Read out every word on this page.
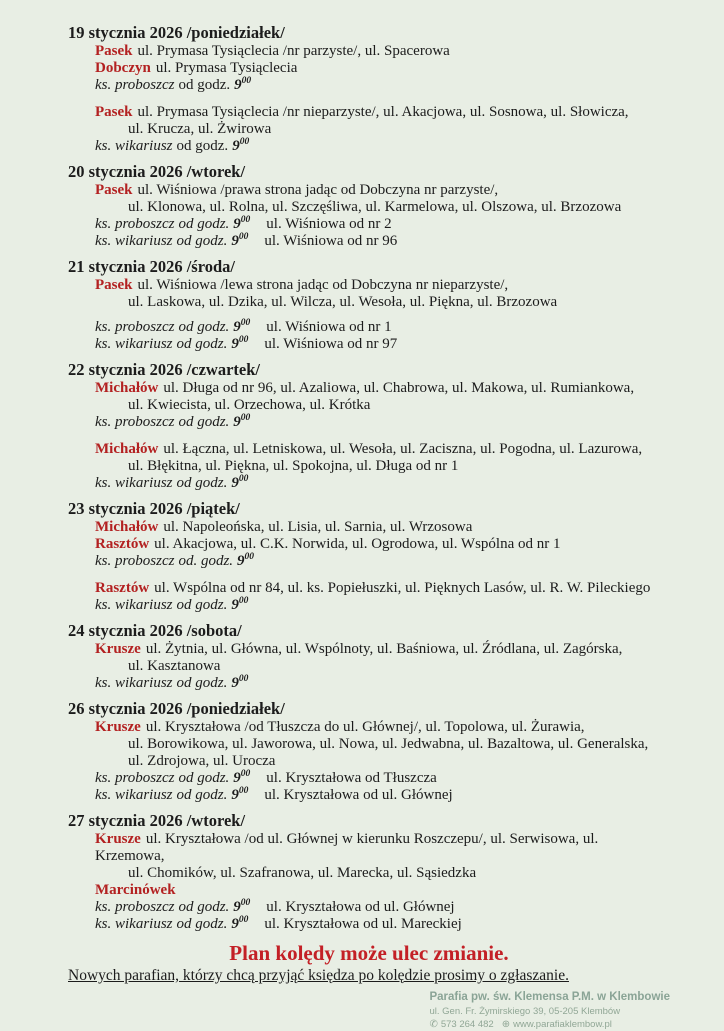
19 stycznia 2026 /poniedziałek/
Pasek ul. Prymasa Tysiąclecia /nr parzyste/, ul. Spacerowa
Dobczyn ul. Prymasa Tysiąclecia
ks. proboszcz od godz. $9^{00}$
Pasek ul. Prymasa Tysiąclecia /nr nieparzyste/, ul. Akacjowa, ul. Sosnowa, ul. Słowicza,
ul. Krucza, ul. Żwirowa
ks. wikariusz od godz. $9^{00}$
20 stycznia 2026 /wtorek/
Pasek ul. Wiśniowa /prawa strona jadąc od Dobczyna nr parzyste/,
ul. Klonowa, ul. Rolna, ul. Szczęśliwa, ul. Karmelowa, ul. Olszowa, ul. Brzozowa
ks. proboszcz od godz. $9^{00}$ ul. Wiśniowa od nr 2
ks. wikariusz od godz. $9^{00}$ ul. Wiśniowa od nr 96
21 stycznia 2026 /środa/
Pasek ul. Wiśniowa /lewa strona jadąc od Dobczyna nr nieparzyste/,
ul. Laskowa, ul. Dzika, ul. Wilcza, ul. Wesoła, ul. Piękna, ul. Brzozowa
ks. proboszcz od godz. $9^{00}$ ul. Wiśniowa od nr 1
ks. wikariusz od godz. $9^{00}$ ul. Wiśniowa od nr 97
22 stycznia 2026 /czwartek/
Michałów ul. Długa od nr 96, ul. Azaliowa, ul. Chabrowa, ul. Makowa, ul. Rumiankowa,
ul. Kwiecista, ul. Orzechowa, ul. Krótka
ks. proboszcz od godz. $9^{00}$
Michałów ul. Łączna, ul. Letniskowa, ul. Wesoła, ul. Zaciszna, ul. Pogodna, ul. Lazurowa,
ul. Błękitna, ul. Piękna, ul. Spokojna, ul. Długa od nr 1
ks. wikariusz od godz. $9^{00}$
23 stycznia 2026 /piątek/
Michałów ul. Napoleońska, ul. Lisia, ul. Sarnia, ul. Wrzosowa
Rasztów ul. Akacjowa, ul. C.K. Norwida, ul. Ogrodowa, ul. Wspólna od nr 1
ks. proboszcz od. godz. $9^{00}$
Rasztów ul. Wspólna od nr 84, ul. ks. Popiełuszki, ul. Pięknych Lasów, ul. R. W. Pileckiego
ks. wikariusz od godz. $9^{00}$
24 stycznia 2026 /sobota/
Krusze ul. Żytnia, ul. Główna, ul. Wspólnoty, ul. Baśniowa, ul. Źródlana, ul. Zagórska,
ul. Kasztanowa
ks. wikariusz od godz. $9^{00}$
26 stycznia 2026 /poniedziałek/
Krusze ul. Kryształowa /od Tłuszcza do ul. Głównej/, ul. Topolowa, ul. Żurawia,
ul. Borowikowa, ul. Jaworowa, ul. Nowa, ul. Jedwabna, ul. Bazaltowa, ul. Generalska,
ul. Zdrojowa, ul. Urocza
ks. proboszcz od godz. $9^{00}$ ul. Kryształowa od Tłuszcza
ks. wikariusz od godz. $9^{00}$ ul. Kryształowa od ul. Głównej
27 stycznia 2026 /wtorek/
Krusze ul. Kryształowa /od ul. Głównej w kierunku Roszczepu/, ul. Serwisowa, ul. Krzemowa,
ul. Chomików, ul. Szafranowa, ul. Marecka, ul. Sąsiedzka
Marcinówek
ks. proboszcz od godz. $9^{00}$ ul. Kryształowa od ul. Głównej
ks. wikariusz od godz. $9^{00}$ ul. Kryształowa od ul. Mareckiej
Plan kolędy może ulec zmianie.
Nowych parafian, którzy chcą przyjąć księdza po kolędzie prosimy o zgłaszanie.
Parafia pw. św. Klemensa P.M. w Klembowie
ul. Gen. Fr. Żymirskiego 39, 05-205 Klembów
✆ 573 264 482 ⊕ www.parafiaklembow.pl
